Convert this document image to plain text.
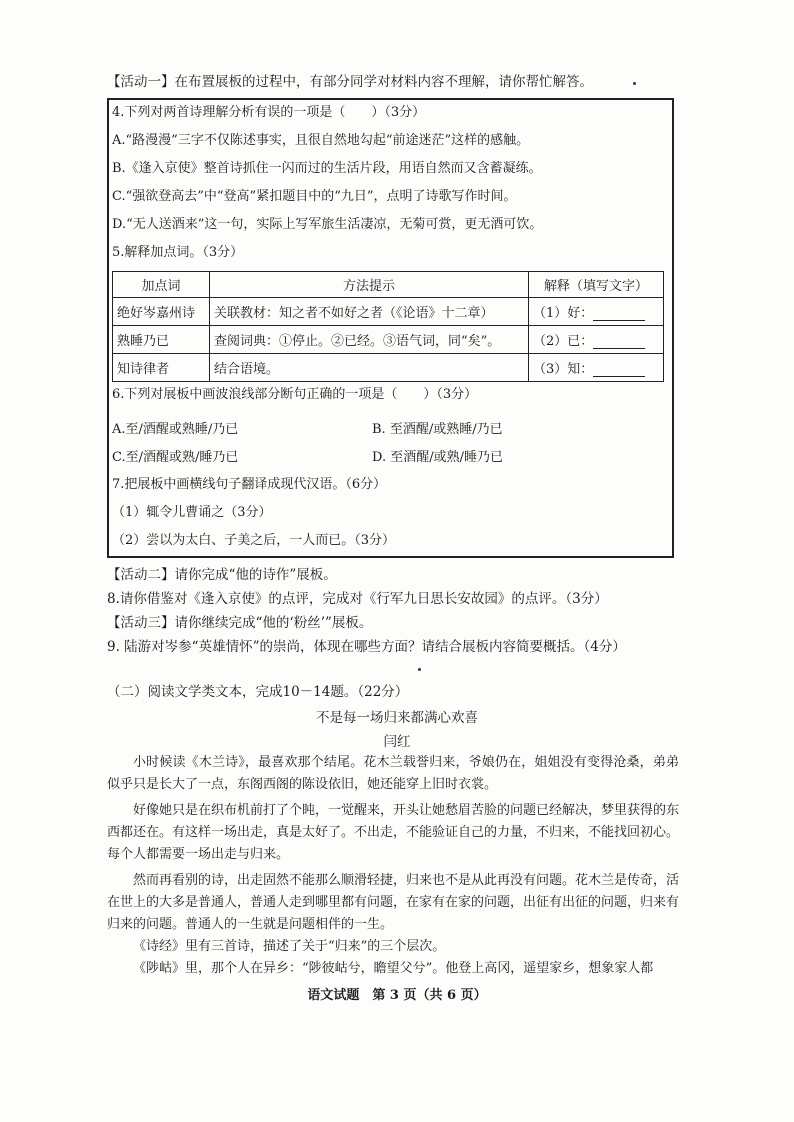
【活动一】在布置展板的过程中，有部分同学对材料内容不理解，请你帮忙解答。
4.下列对两首诗理解分析有误的一项是（　　）（3分）
A.“路漫漫”三字不仅陈述事实，且很自然地勾起“前途迷茫”这样的感触。
B.《逢入京使》整首诗抓住一闪而过的生活片段，用语自然而又含蓄凝练。
C.“强欲登高去”中“登高”紧扣题目中的“九日”，点明了诗歌写作时间。
D.“无人送酒来”这一句，实际上写军旅生活凄凉，无菊可赏，更无酒可饮。
5.解释加点词。（3分）
加点词	方法提示	解释（填写文字）
绝好岑嘉州诗	关联教材：知之者不如好之者（《论语》十二章）	（1）好：
熟睡乃已	查阅词典：①停止。②已经。③语气词，同“矣”。	（2）已：
知诗律者	结合语境。	（3）知：
6.下列对展板中画波浪线部分断句正确的一项是（　　）（3分）
A.至/酒醒或熟睡/乃已	B. 至酒醒/或熟睡/乃已
C.至/酒醒或熟/睡乃已	D. 至酒醒/或熟/睡乃已
7.把展板中画横线句子翻译成现代汉语。（6分）
（1）辄令儿曹诵之（3分）
（2）尝以为太白、子美之后，一人而已。（3分）
【活动二】请你完成“他的诗作”展板。
8.请你借鉴对《逢入京使》的点评，完成对《行军九日思长安故园》的点评。（3分）
【活动三】请你继续完成“他的‘粉丝’”展板。
9. 陆游对岑参“英雄情怀”的崇尚，体现在哪些方面？请结合展板内容简要概括。（4分）
（二）阅读文学类文本，完成10－14题。（22分）
不是每一场归来都满心欢喜
闫红
小时候读《木兰诗》，最喜欢那个结尾。花木兰载誉归来，爷娘仍在，姐姐没有变得沧桑，弟弟似乎只是长大了一点，东阁西阁的陈设依旧，她还能穿上旧时衣裳。
好像她只是在织布机前打了个盹，一觉醒来，开头让她愁眉苦脸的问题已经解决，梦里获得的东西都还在。有这样一场出走，真是太好了。不出走，不能验证自己的力量，不归来，不能找回初心。每个人都需要一场出走与归来。
然而再看别的诗，出走固然不能那么顺滑轻捷，归来也不是从此再没有问题。花木兰是传奇，活在世上的大多是普通人，普通人走到哪里都有问题，在家有在家的问题，出征有出征的问题，归来有归来的问题。普通人的一生就是问题相伴的一生。
《诗经》里有三首诗，描述了关于“归来”的三个层次。
《陟岵》里，那个人在异乡：“陟彼岵兮，瞻望父兮”。他登上高冈，遥望家乡，想象家人都
语文试题　第 3 页（共 6 页）
